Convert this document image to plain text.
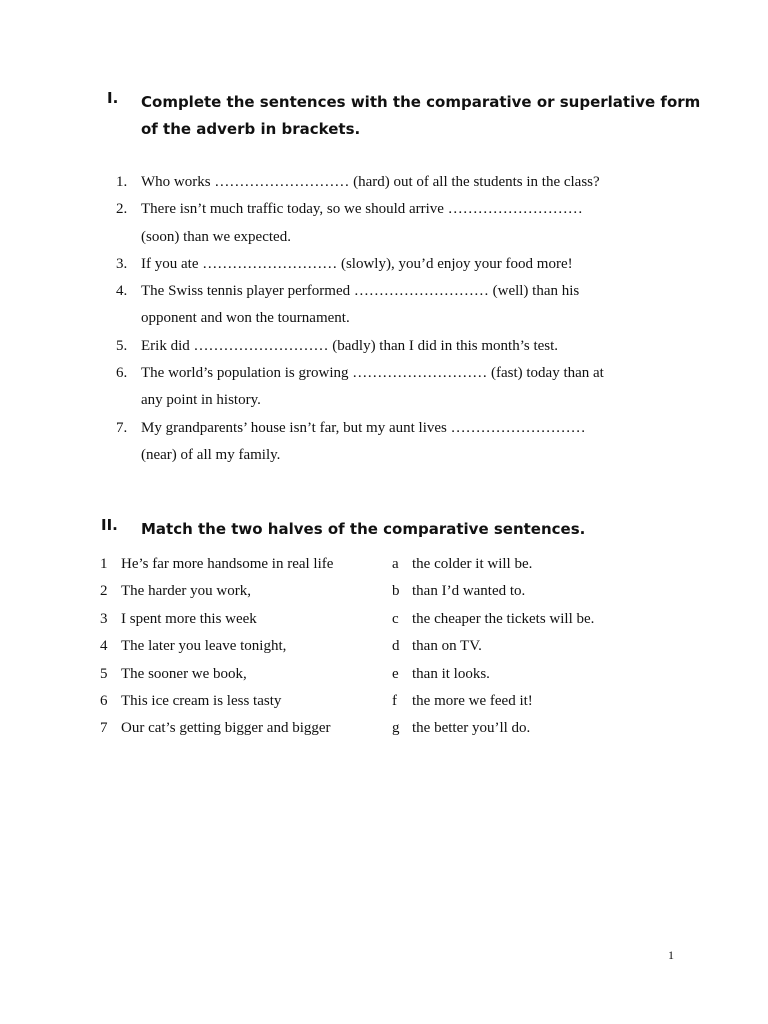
I. Complete the sentences with the comparative or superlative form
of the adverb in brackets.
1. Who works ……………………… (hard) out of all the students in the class?
2. There isn’t much traffic today, so we should arrive ………………………
(soon) than we expected.
3. If you ate ……………………… (slowly), you’d enjoy your food more!
4. The Swiss tennis player performed ……………………… (well) than his
opponent and won the tournament.
5. Erik did ……………………… (badly) than I did in this month’s test.
6. The world’s population is growing ……………………… (fast) today than at
any point in history.
7. My grandparents’ house isn’t far, but my aunt lives ………………………
(near) of all my family.
II. Match the two halves of the comparative sentences.
1 He’s far more handsome in real life	a the colder it will be.
2 The harder you work,	b than I’d wanted to.
3 I spent more this week	c the cheaper the tickets will be.
4 The later you leave tonight,	d than on TV.
5 The sooner we book,	e than it looks.
6 This ice cream is less tasty	f the more we feed it!
7 Our cat’s getting bigger and bigger	g the better you’ll do.
1
